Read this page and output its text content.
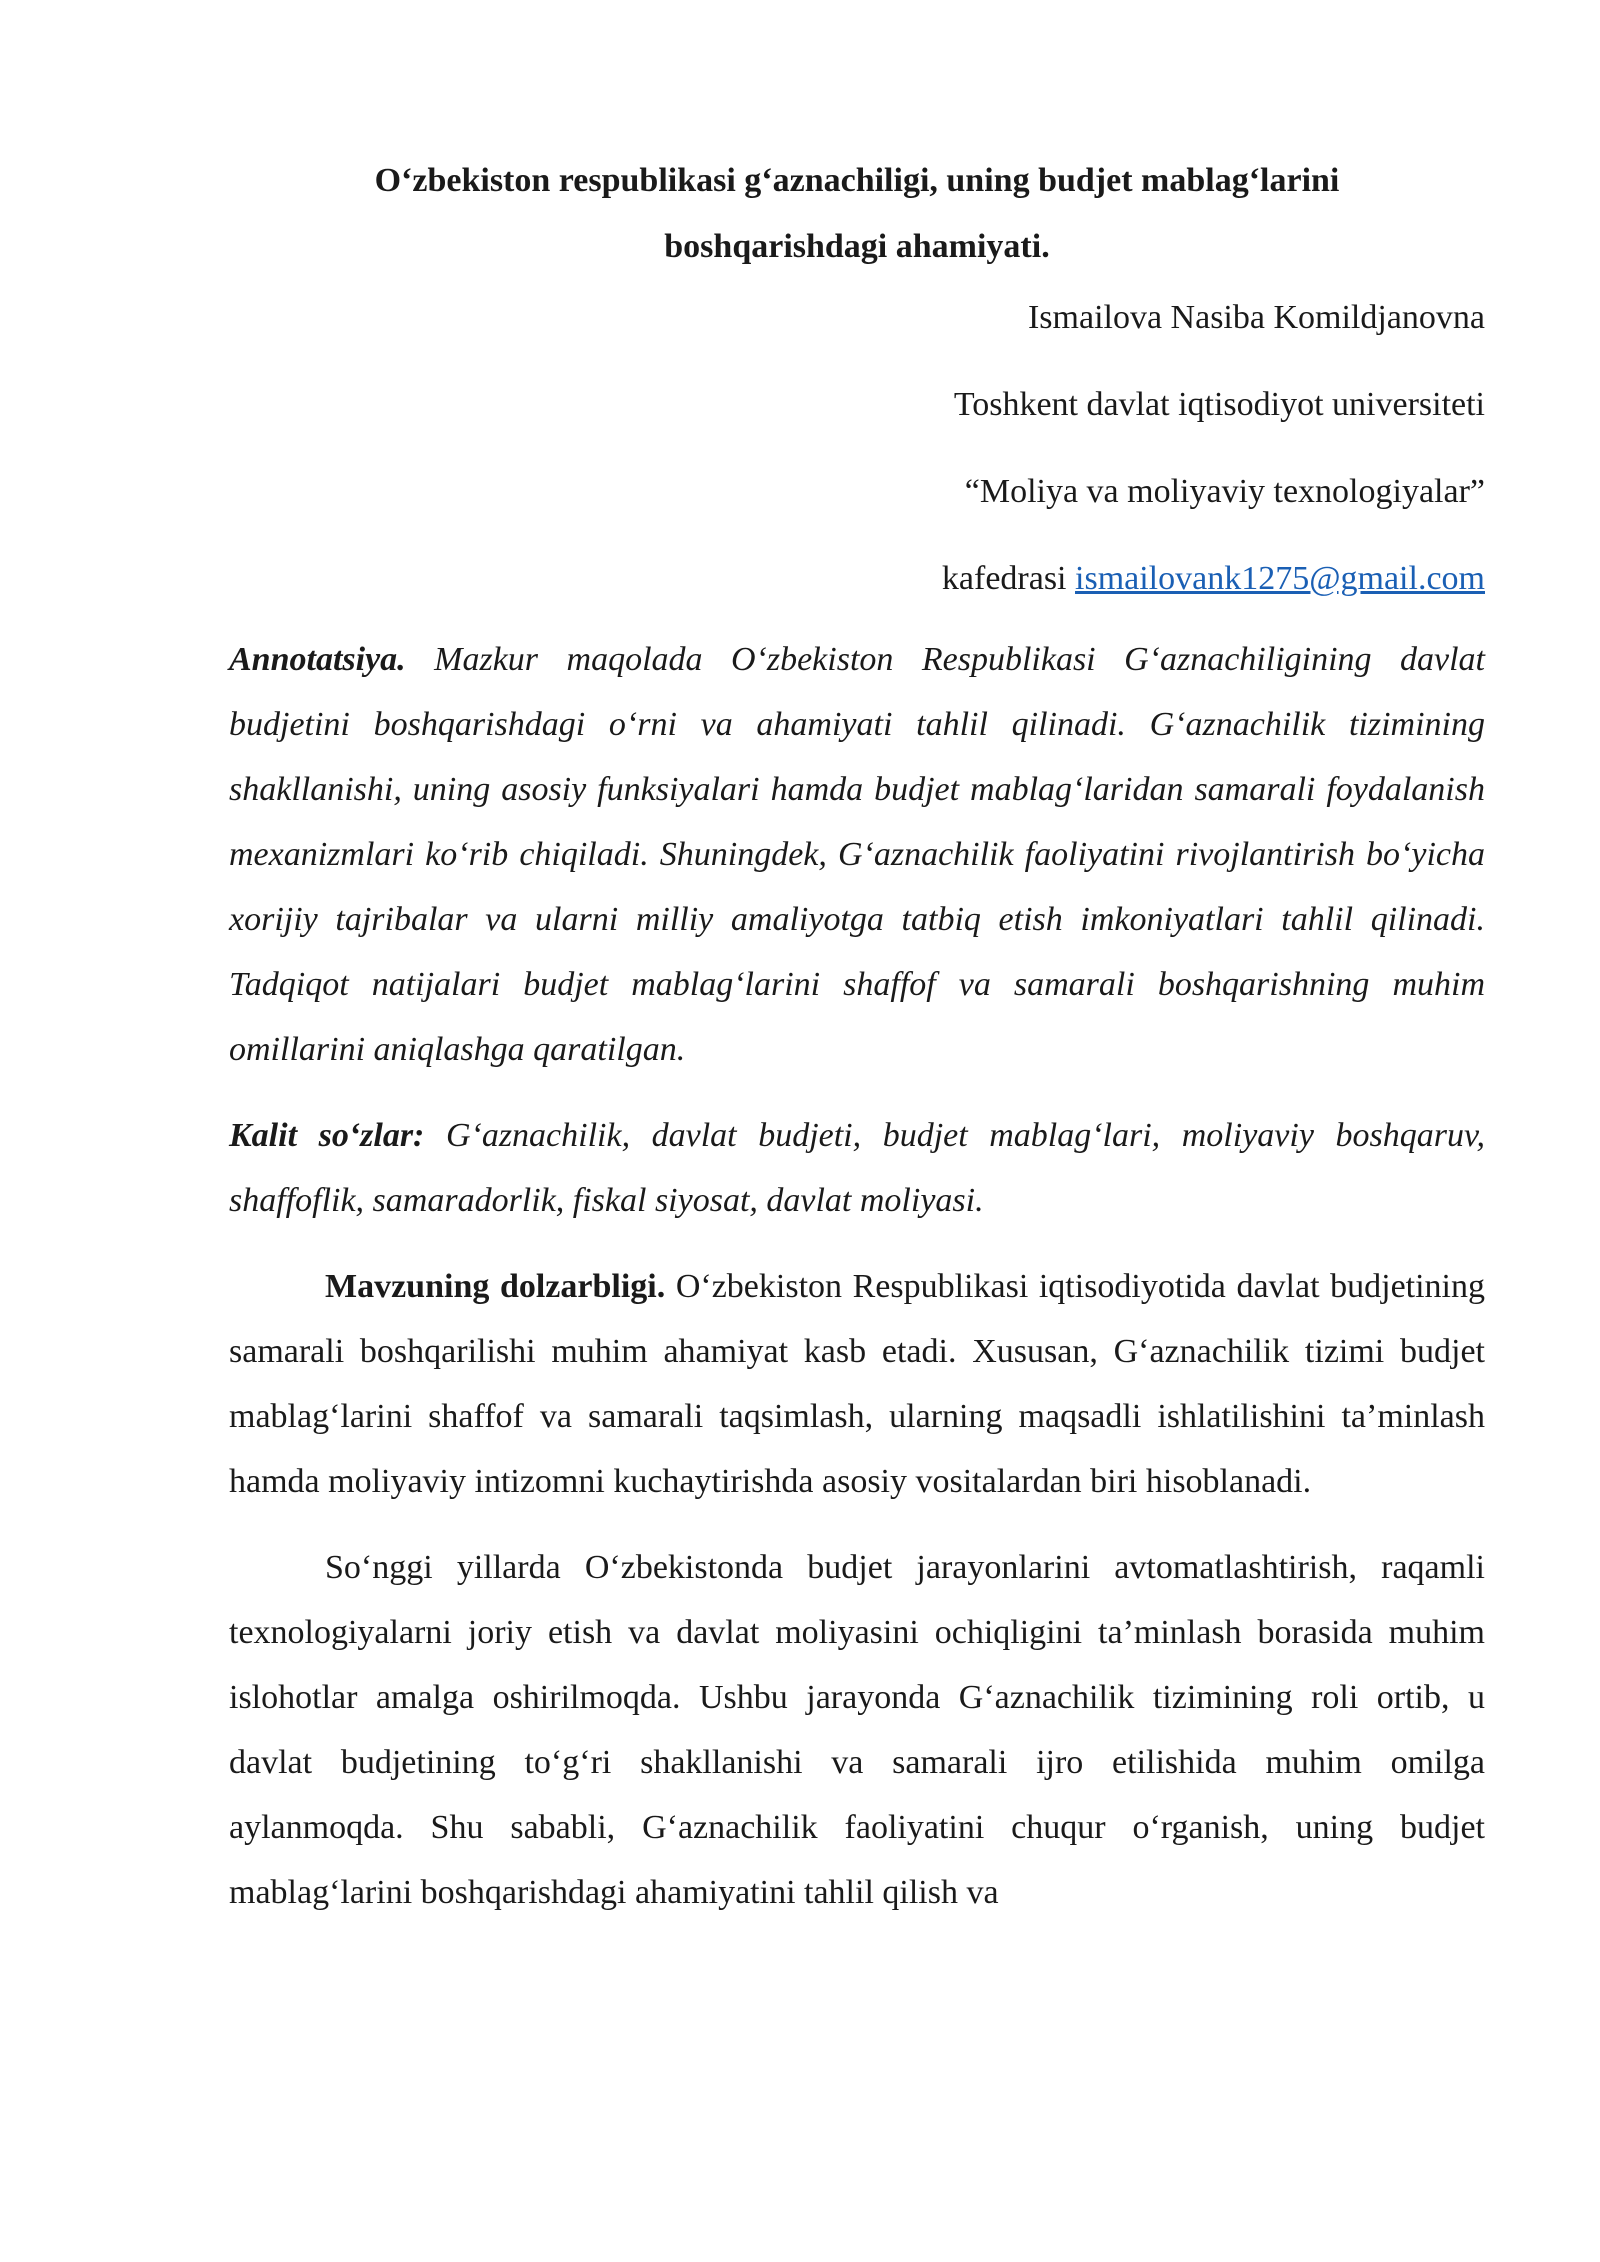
O‘zbekiston respublikasi g‘aznachiligi, uning budjet mablag‘larini
boshqarishdagi ahamiyati.
Ismailova Nasiba Komildjanovna
Toshkent davlat iqtisodiyot universiteti
“Moliya va moliyaviy texnologiyalar”
kafedrasi ismailovank1275@gmail.com

Annotatsiya. Mazkur maqolada O‘zbekiston Respublikasi G‘aznachiligining davlat budjetini boshqarishdagi o‘rni va ahamiyati tahlil qilinadi. G‘aznachilik tizimining shakllanishi, uning asosiy funksiyalari hamda budjet mablag‘laridan samarali foydalanish mexanizmlari ko‘rib chiqiladi. Shuningdek, G‘aznachilik faoliyatini rivojlantirish bo‘yicha xorijiy tajribalar va ularni milliy amaliyotga tatbiq etish imkoniyatlari tahlil qilinadi. Tadqiqot natijalari budjet mablag‘larini shaffof va samarali boshqarishning muhim omillarini aniqlashga qaratilgan.

Kalit so‘zlar: G‘aznachilik, davlat budjeti, budjet mablag‘lari, moliyaviy boshqaruv, shaffoflik, samaradorlik, fiskal siyosat, davlat moliyasi.

Mavzuning dolzarbligi. O‘zbekiston Respublikasi iqtisodiyotida davlat budjetining samarali boshqarilishi muhim ahamiyat kasb etadi. Xususan, G‘aznachilik tizimi budjet mablag‘larini shaffof va samarali taqsimlash, ularning maqsadli ishlatilishini ta’minlash hamda moliyaviy intizomni kuchaytirishda asosiy vositalardan biri hisoblanadi.

So‘nggi yillarda O‘zbekistonda budjet jarayonlarini avtomatlashtirish, raqamli texnologiyalarni joriy etish va davlat moliyasini ochiqligini ta’minlash borasida muhim islohotlar amalga oshirilmoqda. Ushbu jarayonda G‘aznachilik tizimining roli ortib, u davlat budjetining to‘g‘ri shakllanishi va samarali ijro etilishida muhim omilga aylanmoqda. Shu sababli, G‘aznachilik faoliyatini chuqur o‘rganish, uning budjet mablag‘larini boshqarishdagi ahamiyatini tahlil qilish va
